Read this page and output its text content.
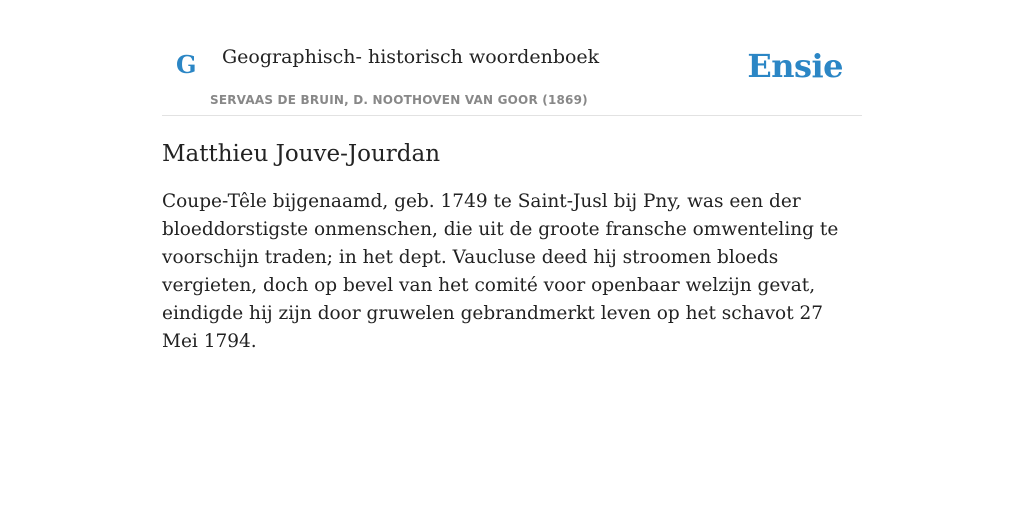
G Geographisch- historisch woordenboek
SERVAAS DE BRUIN, D. NOOTHOVEN VAN GOOR (1869)
Ensie
Matthieu Jouve-Jourdan

Coupe-Têle bijgenaamd, geb. 1749 te Saint-Jusl bij Pny, was een der bloeddorstigste onmenschen, die uit de groote fransche omwenteling te voorschijn traden; in het dept. Vaucluse deed hij stroomen bloeds vergieten, doch op bevel van het comité voor openbaar welzijn gevat, eindigde hij zijn door gruwelen gebrandmerkt leven op het schavot 27 Mei 1794.
